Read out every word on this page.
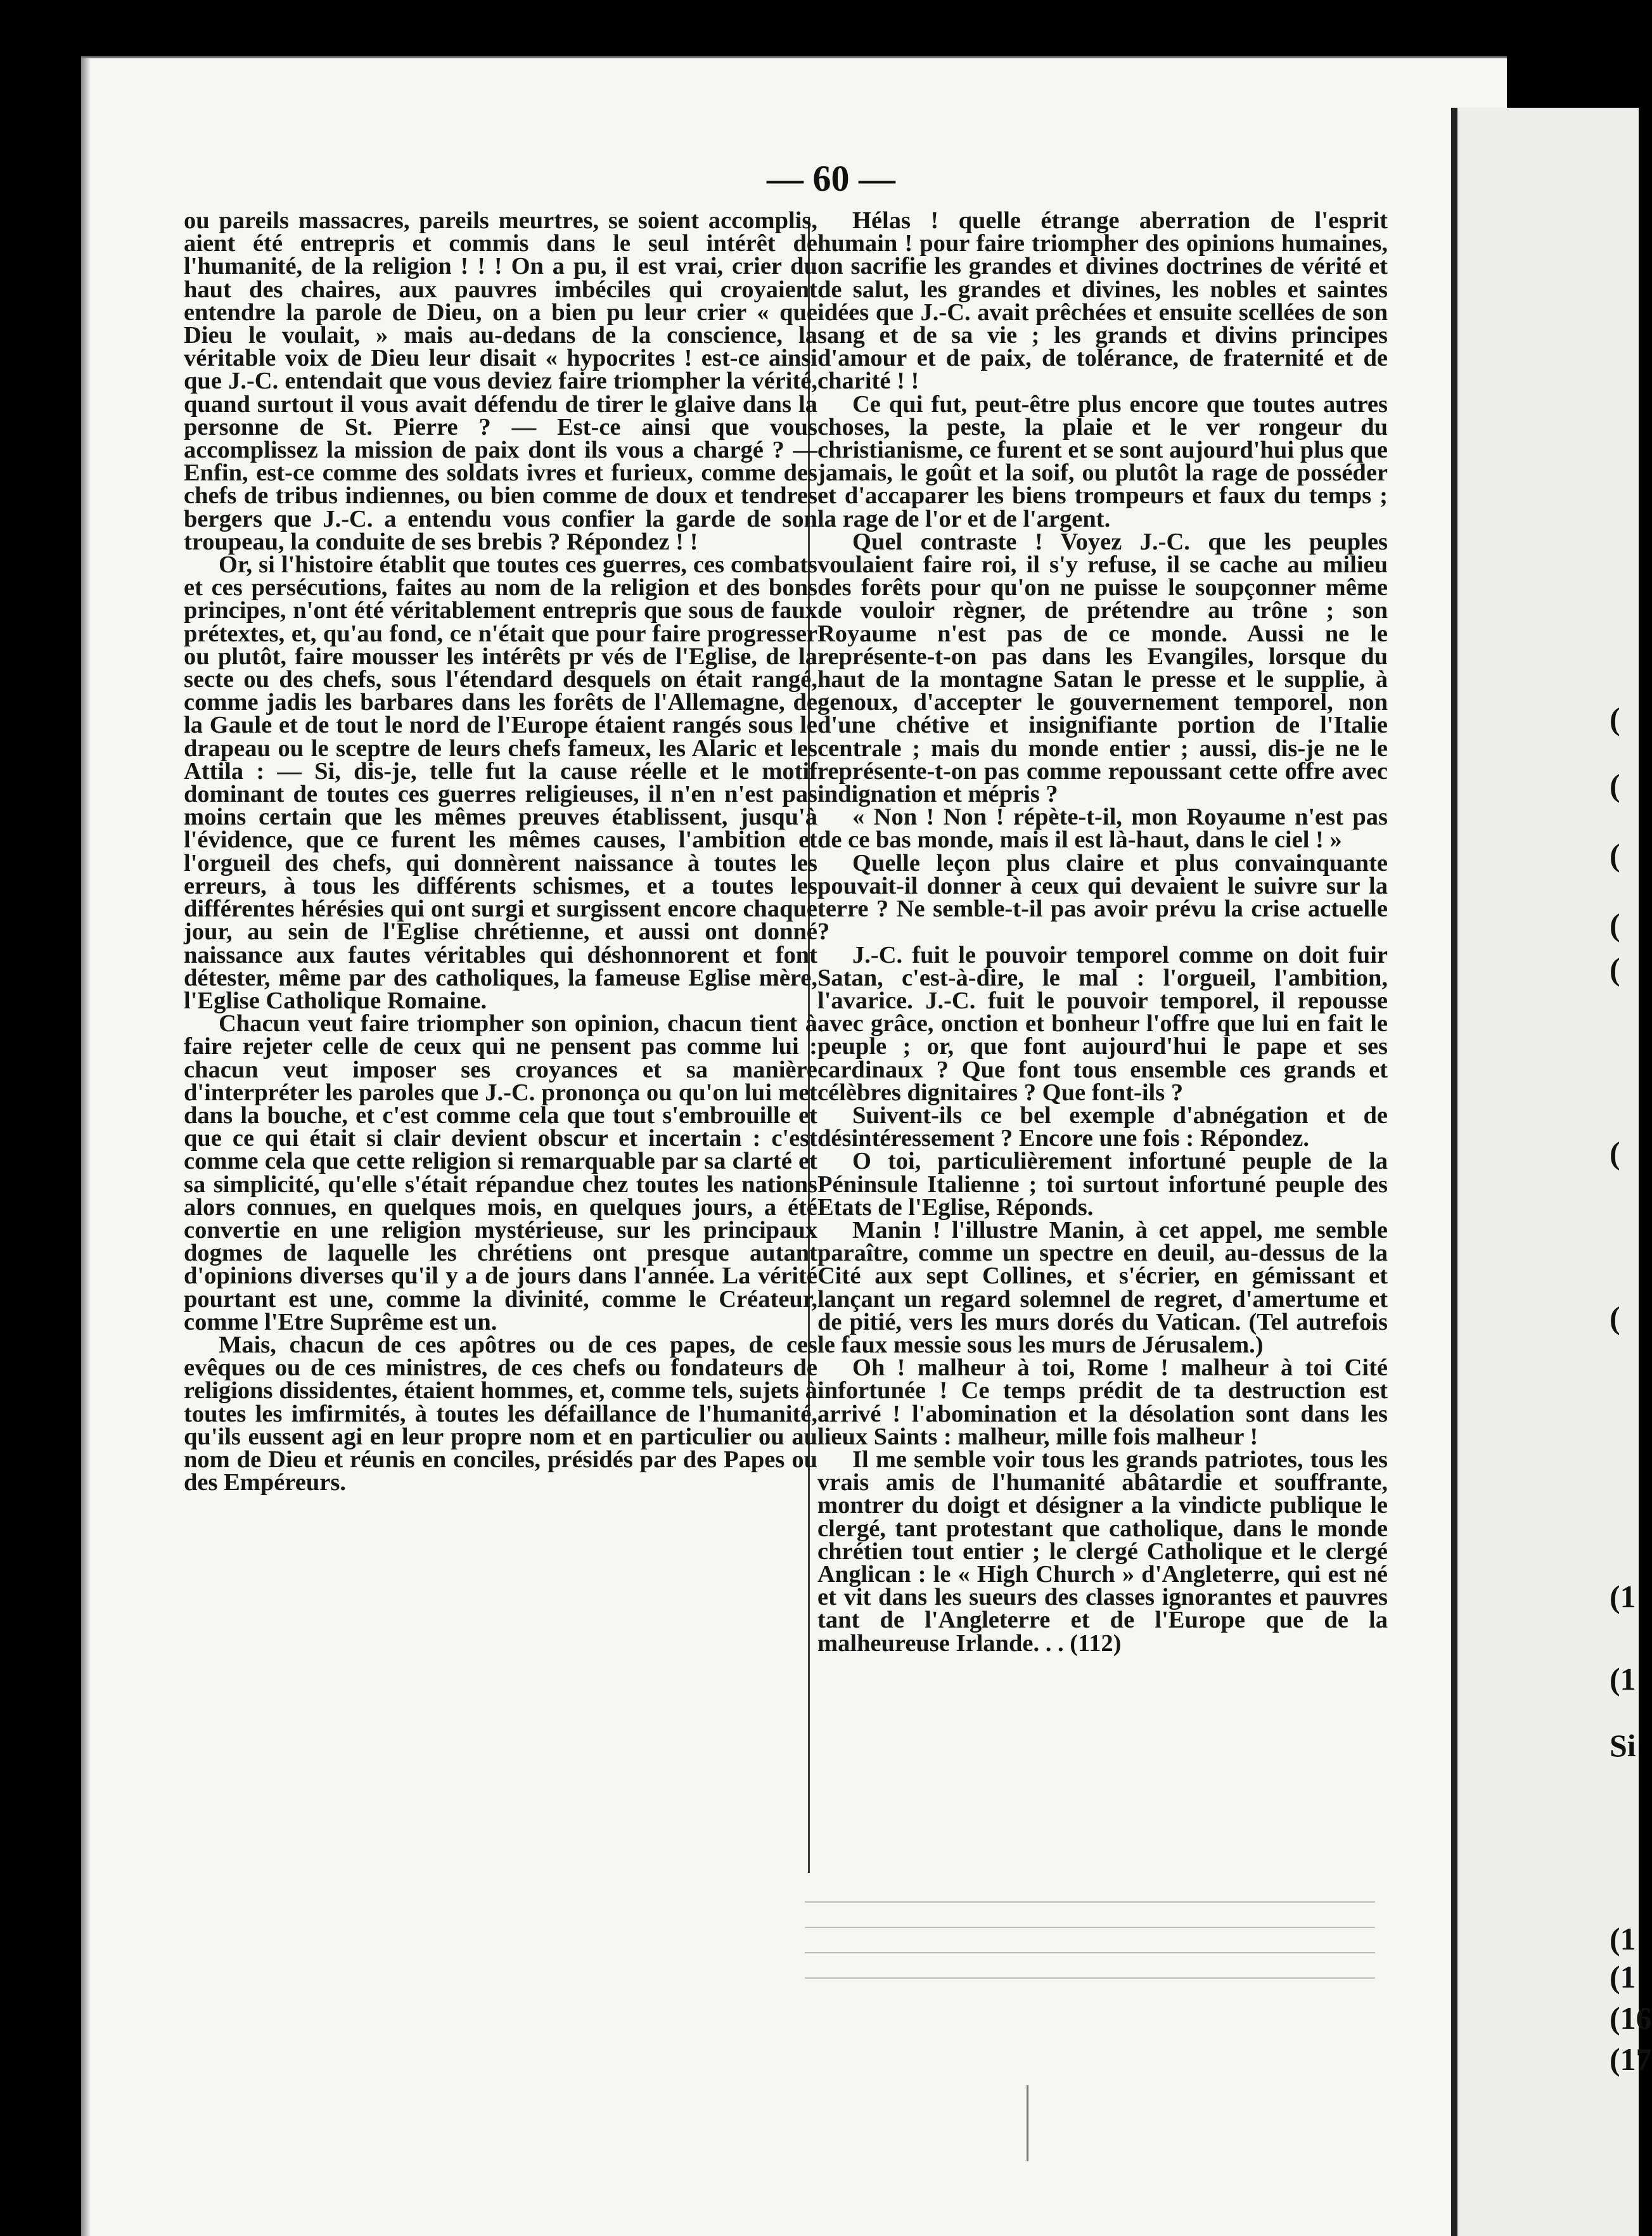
(
(
(
(
(
(
(
(1
(1
Si
(1
(1
(16
(17
— 60 —

ou pareils massacres, pareils meurtres, se soient accomplis, aient été entrepris et commis dans le seul intérêt de l'humanité, de la religion ! ! ! On a pu, il est vrai, crier du haut des chaires, aux pauvres imbéciles qui croyaient entendre la parole de Dieu, on a bien pu leur crier « que Dieu le voulait, » mais au-dedans de la conscience, la véritable voix de Dieu leur disait « hypocrites ! est-ce ainsi que J.-C. entendait que vous deviez faire triompher la vérité, quand surtout il vous avait défendu de tirer le glaive dans la personne de St. Pierre ? — Est-ce ainsi que vous accomplissez la mission de paix dont ils vous a chargé ? — Enfin, est-ce comme des soldats ivres et furieux, comme des chefs de tribus indiennes, ou bien comme de doux et tendres bergers que J.-C. a entendu vous confier la garde de son troupeau, la conduite de ses brebis ? Répondez ! !

Or, si l'histoire établit que toutes ces guerres, ces combats et ces persécutions, faites au nom de la religion et des bons principes, n'ont été véritablement entrepris que sous de faux prétextes, et, qu'au fond, ce n'était que pour faire progresser ou plutôt, faire mousser les intérêts pr vés de l'Eglise, de la secte ou des chefs, sous l'étendard desquels on était rangé, comme jadis les barbares dans les forêts de l'Allemagne, de la Gaule et de tout le nord de l'Europe étaient rangés sous le drapeau ou le sceptre de leurs chefs fameux, les Alaric et les Attila : — Si, dis-je, telle fut la cause réelle et le motif dominant de toutes ces guerres religieuses, il n'en n'est pas moins certain que les mêmes preuves établissent, jusqu'à l'évidence, que ce furent les mêmes causes, l'ambition et l'orgueil des chefs, qui donnèrent naissance à toutes les erreurs, à tous les différents schismes, et a toutes les différentes hérésies qui ont surgi et surgissent encore chaque jour, au sein de l'Eglise chrétienne, et aussi ont donné naissance aux fautes véritables qui déshonnorent et font détester, même par des catholiques, la fameuse Eglise mère, l'Eglise Catholique Romaine.

Chacun veut faire triompher son opinion, chacun tient à faire rejeter celle de ceux qui ne pensent pas comme lui : chacun veut imposer ses croyances et sa manière d'interpréter les paroles que J.-C. prononça ou qu'on lui met dans la bouche, et c'est comme cela que tout s'embrouille et que ce qui était si clair devient obscur et incertain : c'est comme cela que cette religion si remarquable par sa clarté et sa simplicité, qu'elle s'était répandue chez toutes les nations alors connues, en quelques mois, en quelques jours, a été convertie en une religion mystérieuse, sur les principaux dogmes de laquelle les chrétiens ont presque autant d'opinions diverses qu'il y a de jours dans l'année. La vérité pourtant est une, comme la divinité, comme le Créateur, comme l'Etre Suprême est un.

Mais, chacun de ces apôtres ou de ces papes, de ces evêques ou de ces ministres, de ces chefs ou fondateurs de religions dissidentes, étaient hommes, et, comme tels, sujets à toutes les imfirmités, à toutes les défaillance de l'humanité, qu'ils eussent agi en leur propre nom et en particulier ou au nom de Dieu et réunis en conciles, présidés par des Papes ou des Empéreurs.

Hélas ! quelle étrange aberration de l'esprit humain ! pour faire triompher des opinions humaines, on sacrifie les grandes et divines doctrines de vérité et de salut, les grandes et divines, les nobles et saintes idées que J.-C. avait prêchées et ensuite scellées de son sang et de sa vie ; les grands et divins principes d'amour et de paix, de tolérance, de fraternité et de charité ! !

Ce qui fut, peut-être plus encore que toutes autres choses, la peste, la plaie et le ver rongeur du christianisme, ce furent et se sont aujourd'hui plus que jamais, le goût et la soif, ou plutôt la rage de posséder et d'accaparer les biens trompeurs et faux du temps ; la rage de l'or et de l'argent.

Quel contraste ! Voyez J.-C. que les peuples voulaient faire roi, il s'y refuse, il se cache au milieu des forêts pour qu'on ne puisse le soupçonner même de vouloir règner, de prétendre au trône ; son Royaume n'est pas de ce monde. Aussi ne le représente-t-on pas dans les Evangiles, lorsque du haut de la montagne Satan le presse et le supplie, à genoux, d'accepter le gouvernement temporel, non d'une chétive et insignifiante portion de l'Italie centrale ; mais du monde entier ; aussi, dis-je ne le représente-t-on pas comme repoussant cette offre avec indignation et mépris ?

« Non ! Non ! répète-t-il, mon Royaume n'est pas de ce bas monde, mais il est là-haut, dans le ciel ! »

Quelle leçon plus claire et plus convainquante pouvait-il donner à ceux qui devaient le suivre sur la terre ? Ne semble-t-il pas avoir prévu la crise actuelle ?

J.-C. fuit le pouvoir temporel comme on doit fuir Satan, c'est-à-dire, le mal : l'orgueil, l'ambition, l'avarice. J.-C. fuit le pouvoir temporel, il repousse avec grâce, onction et bonheur l'offre que lui en fait le peuple ; or, que font aujourd'hui le pape et ses cardinaux ? Que font tous ensemble ces grands et célèbres dignitaires ? Que font-ils ?

Suivent-ils ce bel exemple d'abnégation et de désintéressement ? Encore une fois : Répondez.

O toi, particulièrement infortuné peuple de la Péninsule Italienne ; toi surtout infortuné peuple des Etats de l'Eglise, Réponds.

Manin ! l'illustre Manin, à cet appel, me semble paraître, comme un spectre en deuil, au-dessus de la Cité aux sept Collines, et s'écrier, en gémissant et lançant un regard solemnel de regret, d'amertume et de pitié, vers les murs dorés du Vatican. (Tel autrefois le faux messie sous les murs de Jérusalem.)

Oh ! malheur à toi, Rome ! malheur à toi Cité infortunée ! Ce temps prédit de ta destruction est arrivé ! l'abomination et la désolation sont dans les lieux Saints : malheur, mille fois malheur !

Il me semble voir tous les grands patriotes, tous les vrais amis de l'humanité abâtardie et souffrante, montrer du doigt et désigner a la vindicte publique le clergé, tant protestant que catholique, dans le monde chrétien tout entier ; le clergé Catholique et le clergé Anglican : le « High Church » d'Angleterre, qui est né et vit dans les sueurs des classes ignorantes et pauvres tant de l'Angleterre et de l'Europe que de la malheureuse Irlande. . . (112)
